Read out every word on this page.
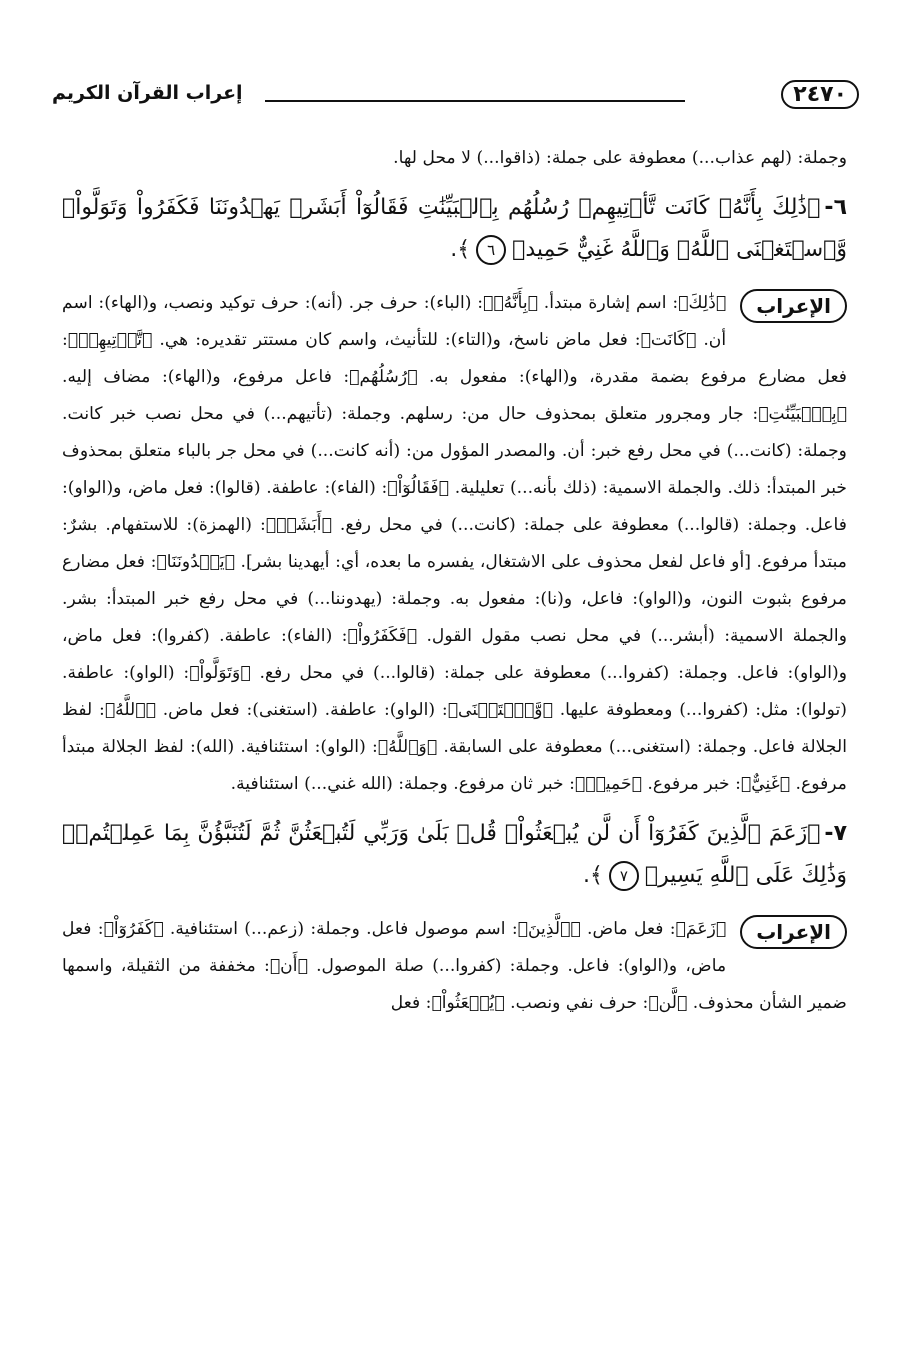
٢٤٧٠
إعراب القرآن الكريم

وجملة: (لهم عذاب...) معطوفة على جملة: (ذاقوا...) لا محل لها.

٦-﴿ذَٰلِكَ بِأَنَّهُۥ كَانَت تَّأۡتِيهِمۡ رُسُلُهُم بِٱلۡبَيِّنَٰتِ فَقَالُوٓاْ أَبَشَرٞ يَهۡدُونَنَا فَكَفَرُواْ وَتَوَلَّواْۚ وَّٱسۡتَغۡنَى ٱللَّهُۚ وَٱللَّهُ غَنِيٌّ حَمِيدٞ٦﴾.
الإعراب

﴿ذَٰلِكَ﴾: اسم إشارة مبتدأ. ﴿بِأَنَّهُۥ﴾: (الباء): حرف جر. (أنه): حرف توكيد ونصب، و(الهاء): اسم أن. ﴿كَانَت﴾: فعل ماض ناسخ، و(التاء): للتأنيث، واسم كان مستتر تقديره: هي. ﴿تَّأۡتِيهِمۡ﴾: فعل مضارع مرفوع بضمة مقدرة، و(الهاء): مفعول به. ﴿رُسُلُهُم﴾: فاعل مرفوع، و(الهاء): مضاف إليه. ﴿بِٱلۡبَيِّنَٰتِ﴾: جار ومجرور متعلق بمحذوف حال من: رسلهم. وجملة: (تأتيهم...) في محل نصب خبر كانت. وجملة: (كانت...) في محل رفع خبر: أن. والمصدر المؤول من: (أنه كانت...) في محل جر بالباء متعلق بمحذوف خبر المبتدأ: ذلك. والجملة الاسمية: (ذلك بأنه...) تعليلية. ﴿فَقَالُوٓاْ﴾: (الفاء): عاطفة. (قالوا): فعل ماض، و(الواو): فاعل. وجملة: (قالوا...) معطوفة على جملة: (كانت...) في محل رفع. ﴿أَبَشَرٞ﴾: (الهمزة): للاستفهام. بشرٌ: مبتدأ مرفوع. [أو فاعل لفعل محذوف على الاشتغال، يفسره ما بعده، أي: أيهدينا بشر]. ﴿يَهۡدُونَنَا﴾: فعل مضارع مرفوع بثبوت النون، و(الواو): فاعل، و(نا): مفعول به. وجملة: (يهدوننا...) في محل رفع خبر المبتدأ: بشر. والجملة الاسمية: (أبشر...) في محل نصب مقول القول. ﴿فَكَفَرُواْ﴾: (الفاء): عاطفة. (كفروا): فعل ماض، و(الواو): فاعل. وجملة: (كفروا...) معطوفة على جملة: (قالوا...) في محل رفع. ﴿وَتَوَلَّواْ﴾: (الواو): عاطفة. (تولوا): مثل: (كفروا...) ومعطوفة عليها. ﴿وَّٱسۡتَغۡنَى﴾: (الواو): عاطفة. (استغنى): فعل ماض. ﴿ٱللَّهُ﴾: لفظ الجلالة فاعل. وجملة: (استغنى...) معطوفة على السابقة. ﴿وَٱللَّهُ﴾: (الواو): استئنافية. (الله): لفظ الجلالة مبتدأ مرفوع. ﴿غَنِيٌّ﴾: خبر مرفوع. ﴿حَمِيدٞ﴾: خبر ثان مرفوع. وجملة: (الله غني...) استئنافية.

٧-﴿زَعَمَ ٱلَّذِينَ كَفَرُوٓاْ أَن لَّن يُبۡعَثُواْۚ قُلۡ بَلَىٰ وَرَبِّي لَتُبۡعَثُنَّ ثُمَّ لَتُنَبَّؤُنَّ بِمَا عَمِلۡتُمۡۚ وَذَٰلِكَ عَلَى ٱللَّهِ يَسِيرٞ٧﴾.
الإعراب

﴿زَعَمَ﴾: فعل ماض. ﴿ٱلَّذِينَ﴾: اسم موصول فاعل. وجملة: (زعم...) استئنافية. ﴿كَفَرُوٓاْ﴾: فعل ماض، و(الواو): فاعل. وجملة: (كفروا...) صلة الموصول. ﴿أَن﴾: مخففة من الثقيلة، واسمها ضمير الشأن محذوف. ﴿لَّن﴾: حرف نفي ونصب. ﴿يُبۡعَثُواْ﴾: فعل
